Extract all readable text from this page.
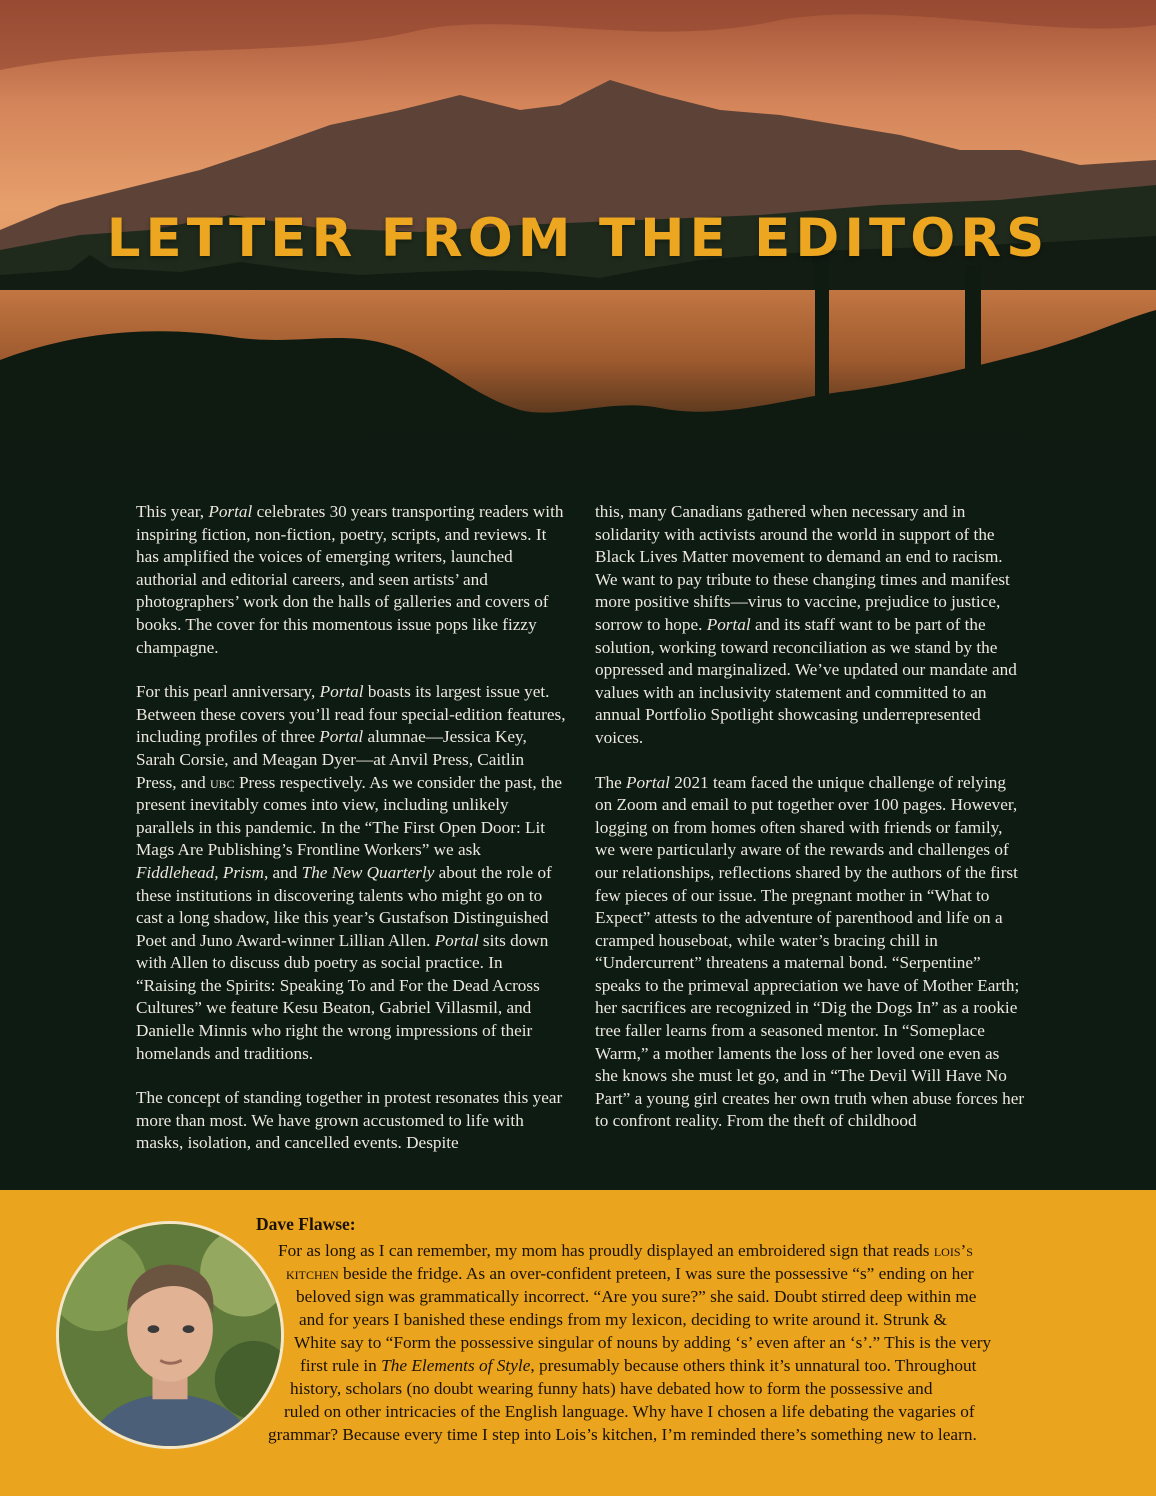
LETTER FROM THE EDITORS

This year, Portal celebrates 30 years transporting readers with inspiring fiction, non-fiction, poetry, scripts, and reviews. It has amplified the voices of emerging writers, launched authorial and editorial careers, and seen artists’ and photographers’ work don the halls of galleries and covers of books. The cover for this momentous issue pops like fizzy champagne.

For this pearl anniversary, Portal boasts its largest issue yet. Between these covers you’ll read four special-edition features, including profiles of three Portal alumnae—Jessica Key, Sarah Corsie, and Meagan Dyer—at Anvil Press, Caitlin Press, and ubc Press respectively. As we consider the past, the present inevitably comes into view, including unlikely parallels in this pandemic. In the “The First Open Door: Lit Mags Are Publishing’s Frontline Workers” we ask Fiddlehead, Prism, and The New Quarterly about the role of these institutions in discovering talents who might go on to cast a long shadow, like this year’s Gustafson Distinguished Poet and Juno Award-winner Lillian Allen. Portal sits down with Allen to discuss dub poetry as social practice. In “Raising the Spirits: Speaking To and For the Dead Across Cultures” we feature Kesu Beaton, Gabriel Villasmil, and Danielle Minnis who right the wrong impressions of their homelands and traditions.

The concept of standing together in protest resonates this year more than most. We have grown accustomed to life with masks, isolation, and cancelled events. Despite

this, many Canadians gathered when necessary and in solidarity with activists around the world in support of the Black Lives Matter movement to demand an end to racism. We want to pay tribute to these changing times and manifest more positive shifts—virus to vaccine, prejudice to justice, sorrow to hope. Portal and its staff want to be part of the solution, working toward reconciliation as we stand by the oppressed and marginalized. We’ve updated our mandate and values with an inclusivity statement and committed to an annual Portfolio Spotlight showcasing underrepresented voices.

The Portal 2021 team faced the unique challenge of relying on Zoom and email to put together over 100 pages. However, logging on from homes often shared with friends or family, we were particularly aware of the rewards and challenges of our relationships, reflections shared by the authors of the first few pieces of our issue. The pregnant mother in “What to Expect” attests to the adventure of parenthood and life on a cramped houseboat, while water’s bracing chill in “Undercurrent” threatens a maternal bond. “Serpentine” speaks to the primeval appreciation we have of Mother Earth; her sacrifices are recognized in “Dig the Dogs In” as a rookie tree faller learns from a seasoned mentor. In “Someplace Warm,” a mother laments the loss of her loved one even as she knows she must let go, and in “The Devil Will Have No Part” a young girl creates her own truth when abuse forces her to confront reality. From the theft of childhood

Dave Flawse:

For as long as I can remember, my mom has proudly displayed an embroidered sign that reads lois’s

kitchen beside the fridge. As an over-confident preteen, I was sure the possessive “s” ending on her

beloved sign was grammatically incorrect. “Are you sure?” she said. Doubt stirred deep within me

and for years I banished these endings from my lexicon, deciding to write around it. Strunk &

White say to “Form the possessive singular of nouns by adding ‘s’ even after an ‘s’.” This is the very

first rule in The Elements of Style, presumably because others think it’s unnatural too. Throughout

history, scholars (no doubt wearing funny hats) have debated how to form the possessive and

ruled on other intricacies of the English language. Why have I chosen a life debating the vagaries of

grammar? Because every time I step into Lois’s kitchen, I’m reminded there’s something new to learn.
